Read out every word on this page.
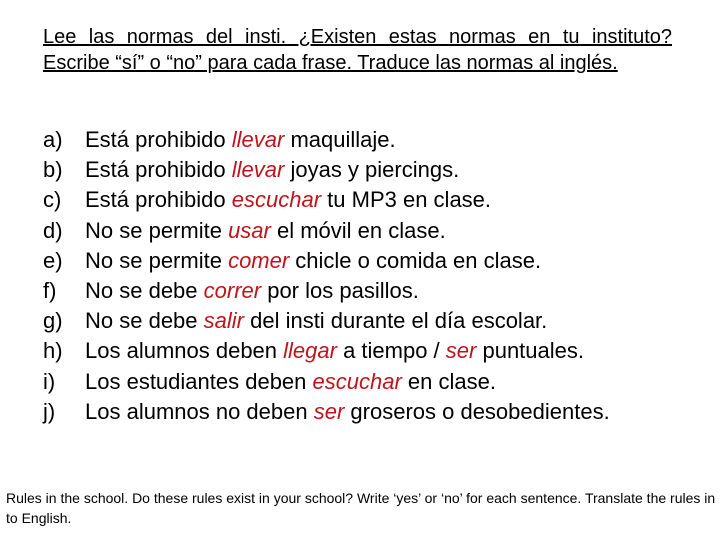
Lee las normas del insti. ¿Existen estas normas en tu instituto? Escribe “sí” o “no” para cada frase. Traduce las normas al inglés.
a)	Está prohibido llevar maquillaje.
b)	Está prohibido llevar joyas y piercings.
c)	Está prohibido escuchar tu MP3 en clase.
d)	No se permite usar el móvil en clase.
e)	No se permite comer chicle o comida en clase.
f)	No se debe correr por los pasillos.
g)	No se debe salir del insti durante el día escolar.
h)	Los alumnos deben llegar a tiempo / ser puntuales.
i)	Los estudiantes deben escuchar en clase.
j)	Los alumnos no deben ser groseros o desobedientes.
Rules in the school. Do these rules exist in your school? Write ‘yes’ or ‘no’ for each sentence. Translate the rules in to English.
